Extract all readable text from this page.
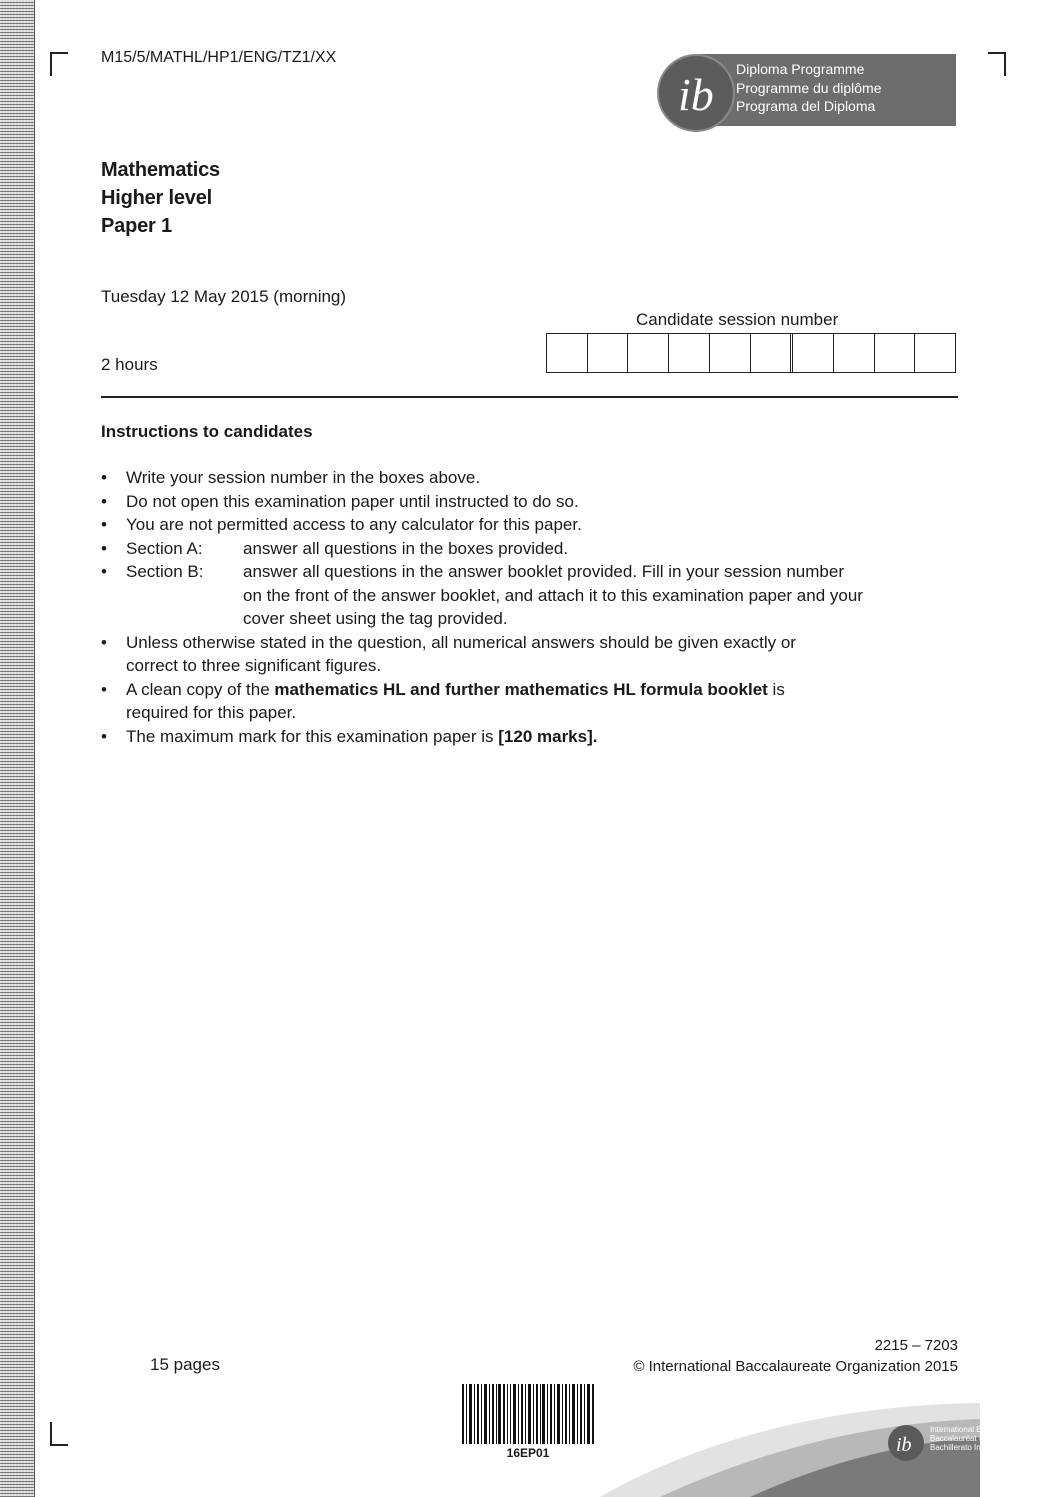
M15/5/MATHL/HP1/ENG/TZ1/XX
ib Diploma Programme
Programme du diplôme
Programa del Diploma
Mathematics
Higher level
Paper 1
Tuesday 12 May 2015 (morning)
2 hours
Candidate session number
Instructions to candidates
•	Write your session number in the boxes above.
•	Do not open this examination paper until instructed to do so.
•	You are not permitted access to any calculator for this paper.
•	Section A:	answer all questions in the boxes provided.
•	Section B:	answer all questions in the answer booklet provided. Fill in your session number
on the front of the answer booklet, and attach it to this examination paper and your
cover sheet using the tag provided.
•	Unless otherwise stated in the question, all numerical answers should be given exactly or
correct to three significant figures.
•	A clean copy of the mathematics HL and further mathematics HL formula booklet is
required for this paper.
•	The maximum mark for this examination paper is [120 marks].
15 pages
2215 – 7203
© International Baccalaureate Organization 2015
16EP01	ib
International Baccalaureate®
Baccalauréat International
Bachillerato Internacional
